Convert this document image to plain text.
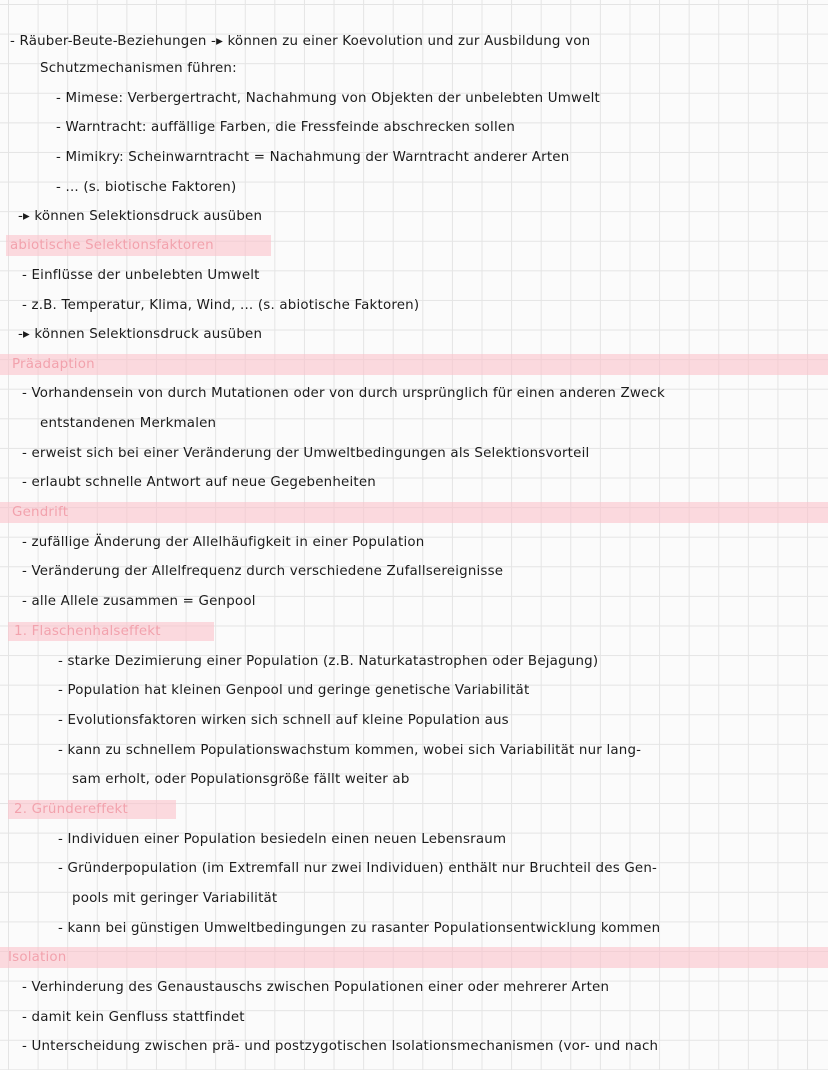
- Räuber-Beute-Beziehungen -▸ können zu einer Koevolution und zur Ausbildung von
Schutzmechanismen führen:
- Mimese: Verbergertracht, Nachahmung von Objekten der unbelebten Umwelt
- Warntracht: auffällige Farben, die Fressfeinde abschrecken sollen
- Mimikry: Scheinwarntracht = Nachahmung der Warntracht anderer Arten
- ... (s. biotische Faktoren)
-▸ können Selektionsdruck ausüben
abiotische Selektionsfaktoren
- Einflüsse der unbelebten Umwelt
- z.B. Temperatur, Klima, Wind, ... (s. abiotische Faktoren)
-▸ können Selektionsdruck ausüben
Präadaption
- Vorhandensein von durch Mutationen oder von durch ursprünglich für einen anderen Zweck
entstandenen Merkmalen
- erweist sich bei einer Veränderung der Umweltbedingungen als Selektionsvorteil
- erlaubt schnelle Antwort auf neue Gegebenheiten
Gendrift
- zufällige Änderung der Allelhäufigkeit in einer Population
- Veränderung der Allelfrequenz durch verschiedene Zufallsereignisse
- alle Allele zusammen = Genpool
1. Flaschenhalseffekt
- starke Dezimierung einer Population (z.B. Naturkatastrophen oder Bejagung)
- Population hat kleinen Genpool und geringe genetische Variabilität
- Evolutionsfaktoren wirken sich schnell auf kleine Population aus
- kann zu schnellem Populationswachstum kommen, wobei sich Variabilität nur lang-
sam erholt, oder Populationsgröße fällt weiter ab
2. Gründereffekt
- Individuen einer Population besiedeln einen neuen Lebensraum
- Gründerpopulation (im Extremfall nur zwei Individuen) enthält nur Bruchteil des Gen-
pools mit geringer Variabilität
- kann bei günstigen Umweltbedingungen zu rasanter Populationsentwicklung kommen
Isolation
- Verhinderung des Genaustauschs zwischen Populationen einer oder mehrerer Arten
- damit kein Genfluss stattfindet
- Unterscheidung zwischen prä- und postzygotischen Isolationsmechanismen (vor- und nach
